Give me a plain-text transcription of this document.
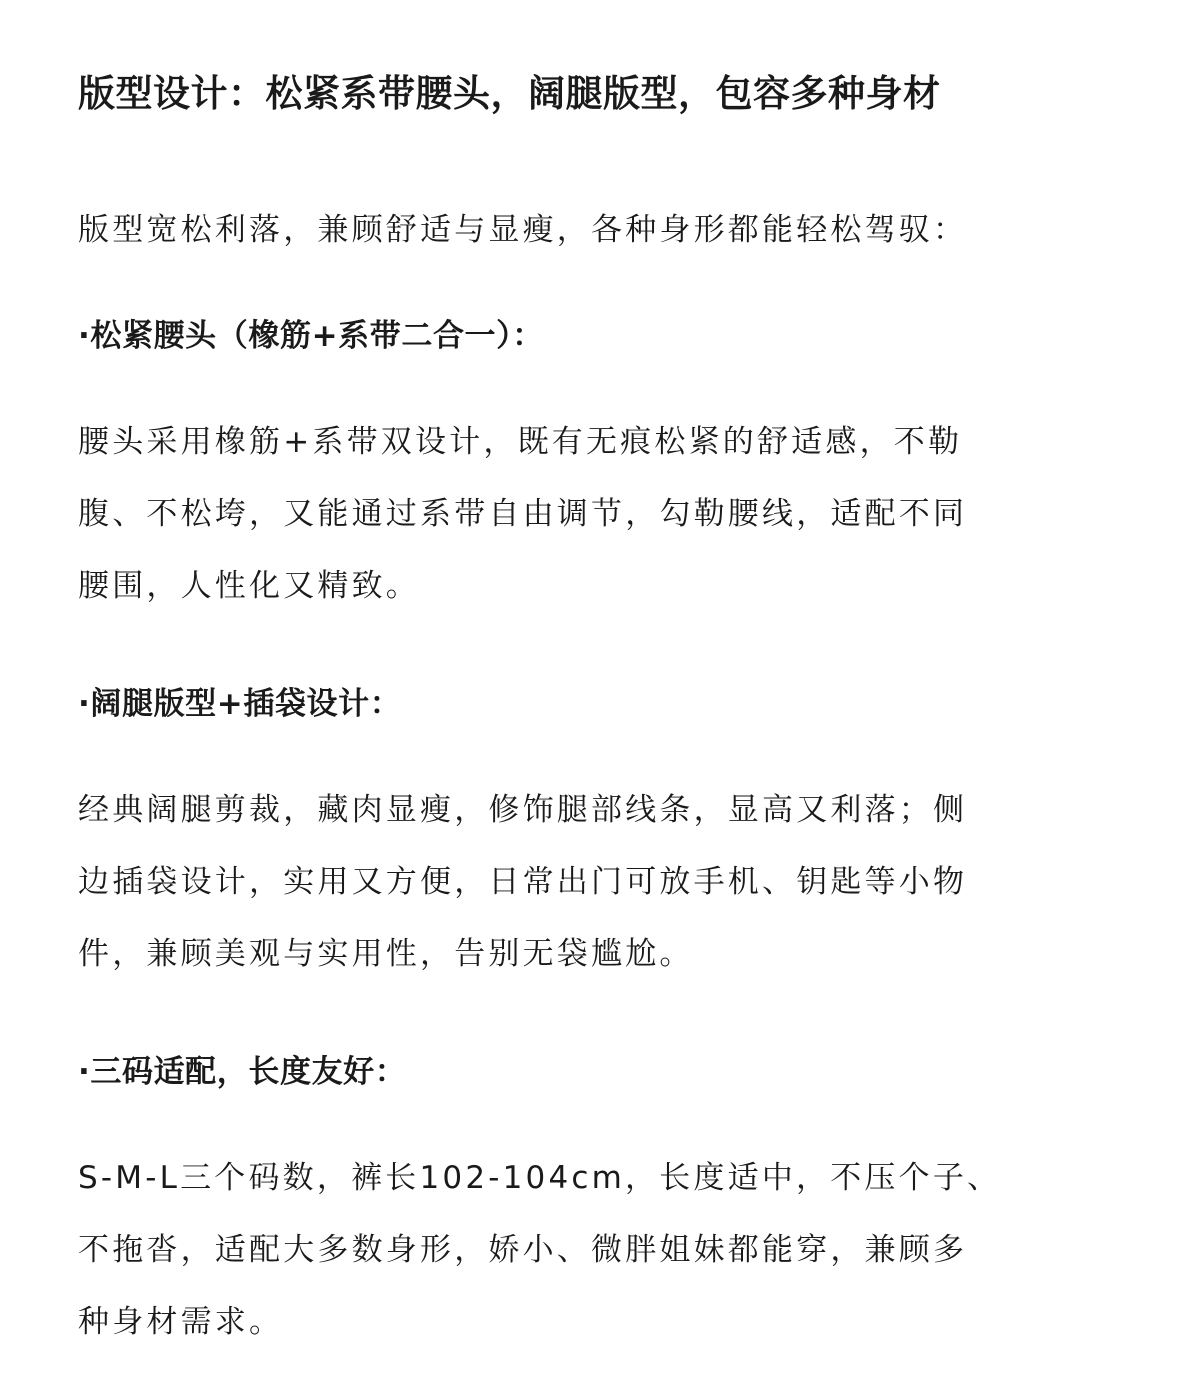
版型设计：松紧系带腰头，阔腿版型，包容多种身材

版型宽松利落，兼顾舒适与显瘦，各种身形都能轻松驾驭：

·松紧腰头（橡筋+系带二合一）：

腰头采用橡筋+系带双设计，既有无痕松紧的舒适感，不勒
腹、不松垮，又能通过系带自由调节，勾勒腰线，适配不同
腰围，人性化又精致。

·阔腿版型+插袋设计：

经典阔腿剪裁，藏肉显瘦，修饰腿部线条，显高又利落；侧
边插袋设计，实用又方便，日常出门可放手机、钥匙等小物
件，兼顾美观与实用性，告别无袋尴尬。

·三码适配，长度友好：

S-M-L三个码数，裤长102-104cm，长度适中，不压个子、
不拖沓，适配大多数身形，娇小、微胖姐妹都能穿，兼顾多
种身材需求。
